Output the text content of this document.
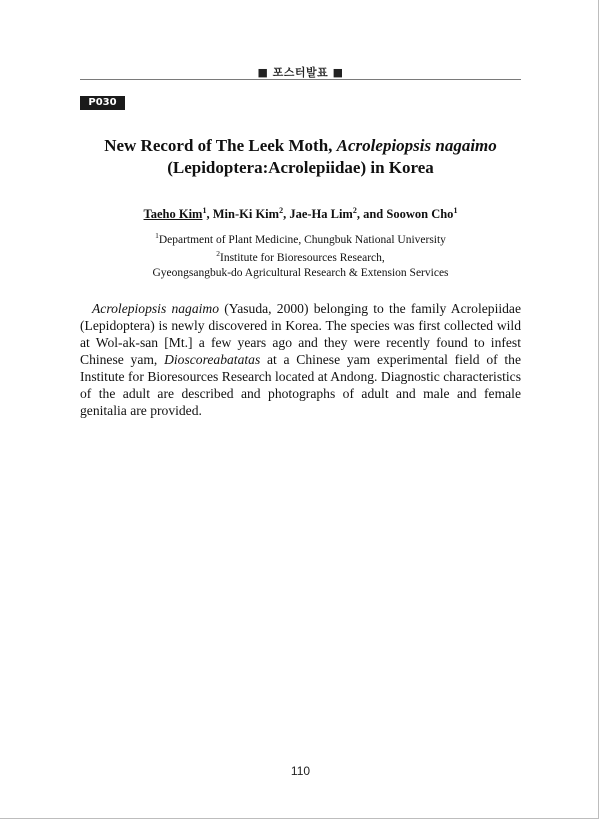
■ 포스터발표 ■
P030
New Record of The Leek Moth, Acrolepiopsis nagaimo
(Lepidoptera:Acrolepiidae) in Korea
Taeho Kim$^1$, Min-Ki Kim$^2$, Jae-Ha Lim$^2$, and Soowon Cho$^1$
$^1$Department of Plant Medicine, Chungbuk National University
$^2$Institute for Bioresources Research,
Gyeongsangbuk-do Agricultural Research & Extension Services

Acrolepiopsis nagaimo (Yasuda, 2000) belonging to the family Acrolepiidae (Lepidoptera) is newly discovered in Korea. The species was first collected wild at Wol-ak-san [Mt.] a few years ago and they were recently found to infest Chinese yam, Dioscoreabatatas at a Chinese yam experimental field of the Institute for Bioresources Research located at Andong. Diagnostic characteristics of the adult are described and photographs of adult and male and female genitalia are provided.

110
